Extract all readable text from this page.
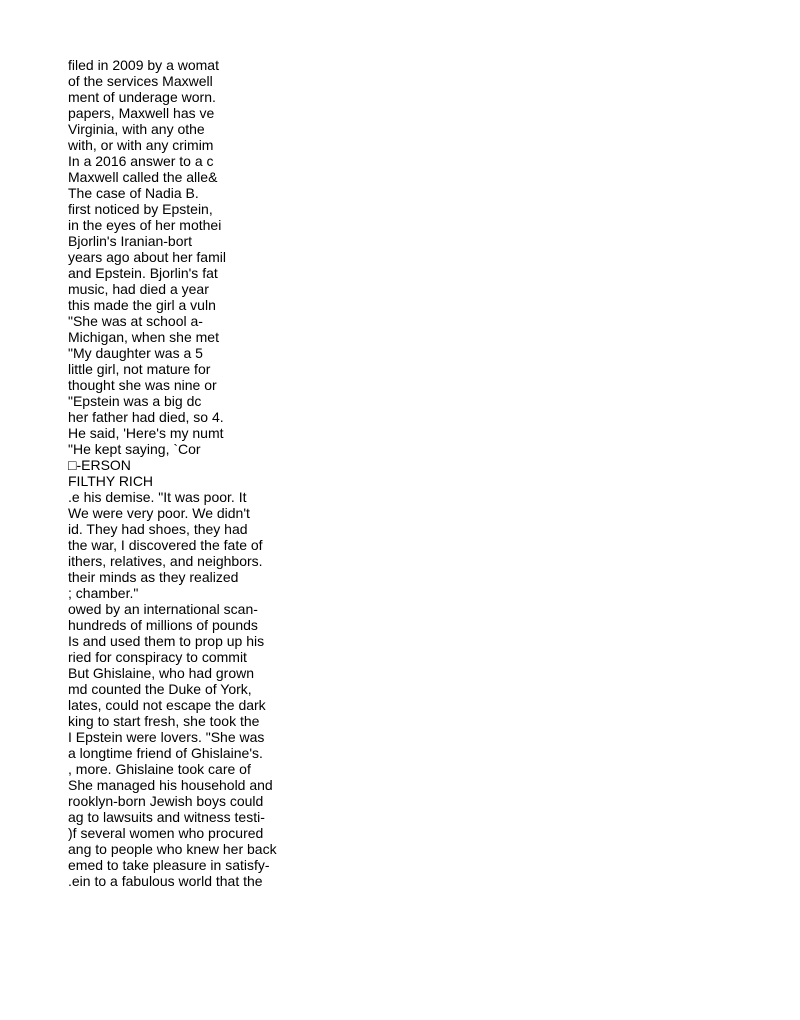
filed in 2009 by a womat

of the services Maxwell

ment of underage worn.

papers, Maxwell has ve

Virginia, with any othe

with, or with any crimim

In a 2016 answer to a c

Maxwell called the alle&

The case of Nadia B.

first noticed by Epstein,

in the eyes of her mothei

Bjorlin's Iranian-bort

years ago about her famil

and Epstein. Bjorlin's fat

music, had died a year

this made the girl a vuln

"She was at school a-

Michigan, when she met

"My daughter was a 5

little girl, not mature for

thought she was nine or

"Epstein was a big dc

her father had died, so 4.

He said, 'Here's my numt

"He kept saying, `Cor

□-ERSON

FILTHY RICH

.e his demise. "It was poor. It

We were very poor. We didn't

id. They had shoes, they had

the war, I discovered the fate of

ithers, relatives, and neighbors.

their minds as they realized

; chamber."

owed by an international scan-

hundreds of millions of pounds

Is and used them to prop up his

ried for conspiracy to commit

But Ghislaine, who had grown

md counted the Duke of York,

lates, could not escape the dark

king to start fresh, she took the

I Epstein were lovers. "She was

a longtime friend of Ghislaine's.

, more. Ghislaine took care of

She managed his household and

rooklyn-born Jewish boys could

ag to lawsuits and witness testi-

)f several women who procured

ang to people who knew her back

emed to take pleasure in satisfy-

.ein to a fabulous world that the
